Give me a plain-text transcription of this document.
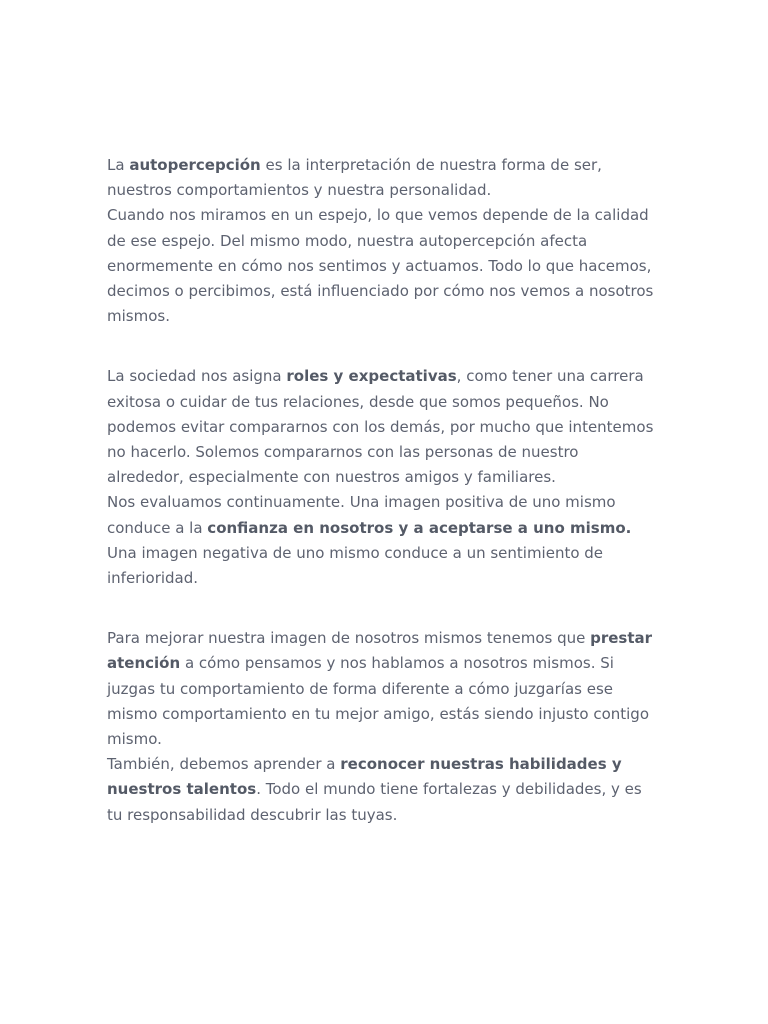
La autopercepción es la interpretación de nuestra forma de ser, nuestros comportamientos y nuestra personalidad.

Cuando nos miramos en un espejo, lo que vemos depende de la calidad de ese espejo. Del mismo modo, nuestra autopercepción afecta enormemente en cómo nos sentimos y actuamos. Todo lo que hacemos, decimos o percibimos, está influenciado por cómo nos vemos a nosotros mismos.

La sociedad nos asigna roles y expectativas, como tener una carrera exitosa o cuidar de tus relaciones, desde que somos pequeños. No podemos evitar compararnos con los demás, por mucho que intentemos no hacerlo. Solemos compararnos con las personas de nuestro alrededor, especialmente con nuestros amigos y familiares.

Nos evaluamos continuamente. Una imagen positiva de uno mismo conduce a la confianza en nosotros y a aceptarse a uno mismo. Una imagen negativa de uno mismo conduce a un sentimiento de inferioridad.

Para mejorar nuestra imagen de nosotros mismos tenemos que prestar atención a cómo pensamos y nos hablamos a nosotros mismos. Si juzgas tu comportamiento de forma diferente a cómo juzgarías ese mismo comportamiento en tu mejor amigo, estás siendo injusto contigo mismo.

También, debemos aprender a reconocer nuestras habilidades y nuestros talentos. Todo el mundo tiene fortalezas y debilidades, y es tu responsabilidad descubrir las tuyas.
